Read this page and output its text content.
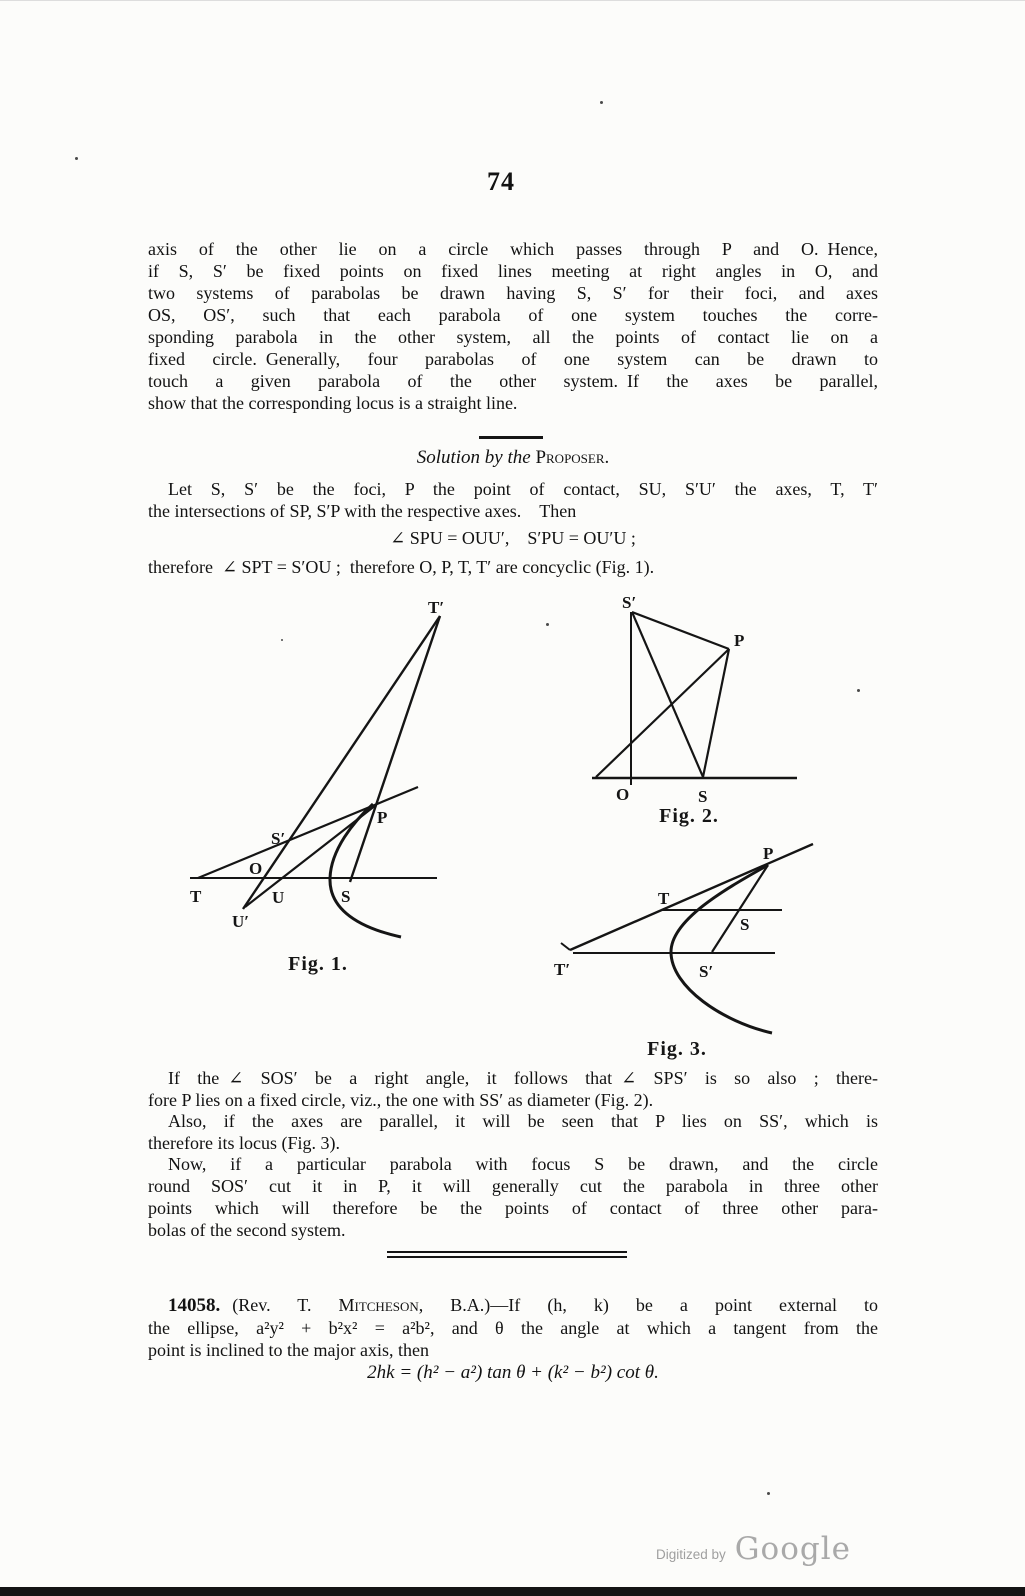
74
axis of the other lie on a circle which passes through P and O. Hence,
if S, S′ be fixed points on fixed lines meeting at right angles in O, and
two systems of parabolas be drawn having S, S′ for their foci, and axes
OS, OS′, such that each parabola of one system touches the corre-
sponding parabola in the other system, all the points of contact lie on a
fixed circle. Generally, four parabolas of one system can be drawn to
touch a given parabola of the other system. If the axes be parallel,
show that the corresponding locus is a straight line.
Solution by the Proposer.
Let S, S′ be the foci, P the point of contact, SU, S′U′ the axes, T, T′
the intersections of SP, S′P with the respective axes. Then
∠ SPU = OUU′, S′PU = OU′U ;
therefore ∠ SPT = S′OU ; therefore O, P, T, T′ are concyclic (Fig. 1).
T′
T
S′
O
U
U′
S
P
Fig. 1.
S′
P
O	S
Fig. 2.
P
T
S
T′	S′
Fig. 3.
If the ∠ SOS′ be a right angle, it follows that ∠ SPS′ is so also ; there-
fore P lies on a fixed circle, viz., the one with SS′ as diameter (Fig. 2).
Also, if the axes are parallel, it will be seen that P lies on SS′, which is
therefore its locus (Fig. 3).
Now, if a particular parabola with focus S be drawn, and the circle
round SOS′ cut it in P, it will generally cut the parabola in three other
points which will therefore be the points of contact of three other para-
bolas of the second system.
14058. (Rev. T. Mitcheson, B.A.)—If (h, k) be a point external to
the ellipse, a²y² + b²x² = a²b², and θ the angle at which a tangent from the
point is inclined to the major axis, then
2hk = (h² − a²) tan θ + (k² − b²) cot θ.
Digitized by Google
